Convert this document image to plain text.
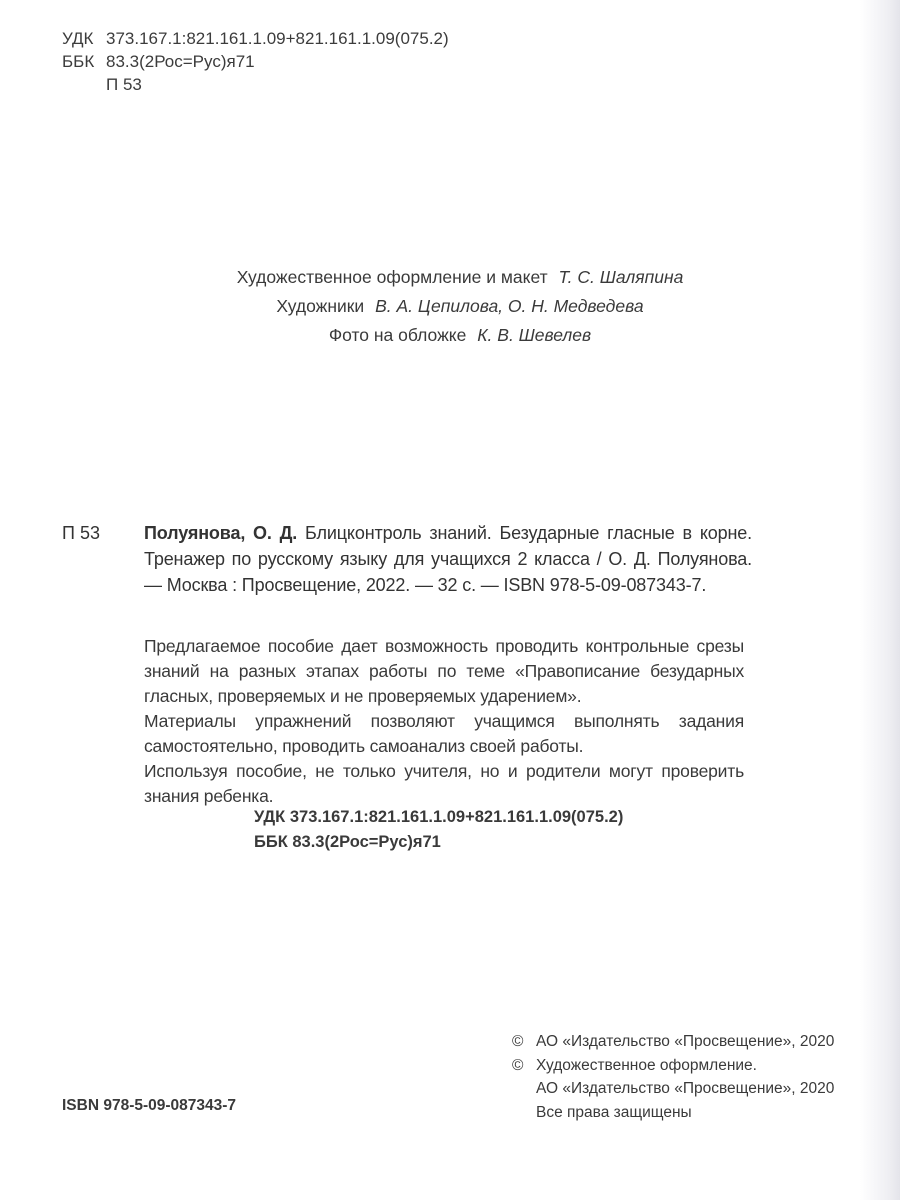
УДК 373.167.1:821.161.1.09+821.161.1.09(075.2)
ББК 83.3(2Рос=Рус)я71
П 53
Художественное оформление и макет Т. С. Шаляпина
Художники В. А. Цепилова, О. Н. Медведева
Фото на обложке К. В. Шевелев
П 53	Полуянова, О. Д. Блицконтроль знаний. Безударные гласные в корне. Тренажер по русскому языку для учащихся 2 класса / О. Д. Полуянова. — Москва : Просвещение, 2022. — 32 с. — ISBN 978-5-09-087343-7.

Предлагаемое пособие дает возможность проводить контрольные срезы знаний на разных этапах работы по теме «Правописание безударных гласных, проверяемых и не проверяемых ударением».

Материалы упражнений позволяют учащимся выполнять задания самостоятельно, проводить самоанализ своей работы.

Используя пособие, не только учителя, но и родители могут проверить знания ребенка.

УДК 373.167.1:821.161.1.09+821.161.1.09(075.2)
ББК 83.3(2Рос=Рус)я71
© АО «Издательство «Просвещение», 2020
© Художественное оформление.
АО «Издательство «Просвещение», 2020
Все права защищены
ISBN 978-5-09-087343-7
